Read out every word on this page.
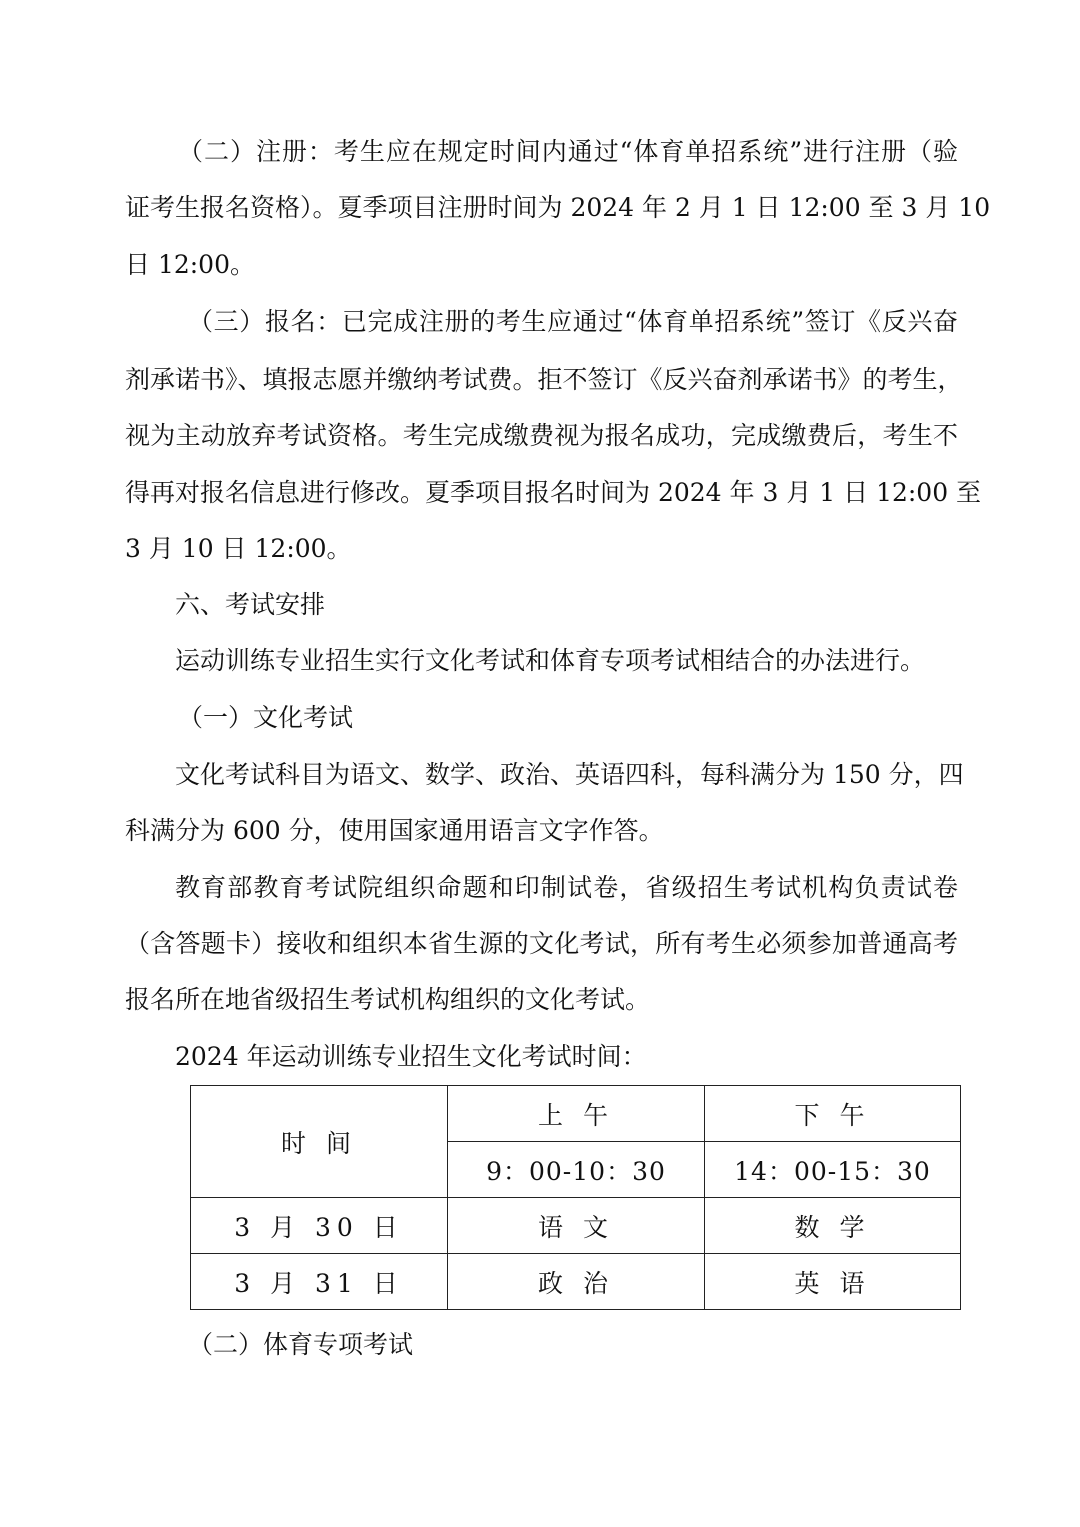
（二）注册：考生应在规定时间内通过“体育单招系统”进行注册（验
证考生报名资格）。夏季项目注册时间为 2024 年 2 月 1 日 12:00 至 3 月 10
日 12:00。
（三）报名：已完成注册的考生应通过“体育单招系统”签订《反兴奋
剂承诺书》、填报志愿并缴纳考试费。拒不签订《反兴奋剂承诺书》的考生，
视为主动放弃考试资格。考生完成缴费视为报名成功，完成缴费后，考生不
得再对报名信息进行修改。夏季项目报名时间为 2024 年 3 月 1 日 12:00 至
3 月 10 日 12:00。
六、考试安排
运动训练专业招生实行文化考试和体育专项考试相结合的办法进行。
（一）文化考试
文化考试科目为语文、数学、政治、英语四科，每科满分为 150 分，四
科满分为 600 分，使用国家通用语言文字作答。
教育部教育考试院组织命题和印制试卷，省级招生考试机构负责试卷
（含答题卡）接收和组织本省生源的文化考试，所有考生必须参加普通高考
报名所在地省级招生考试机构组织的文化考试。
2024 年运动训练专业招生文化考试时间：
时 间	上 午	下 午
	9：00-10：30	14：00-15：30
3 月 30 日	语 文	数 学
3 月 31 日	政 治	英 语
（二）体育专项考试
